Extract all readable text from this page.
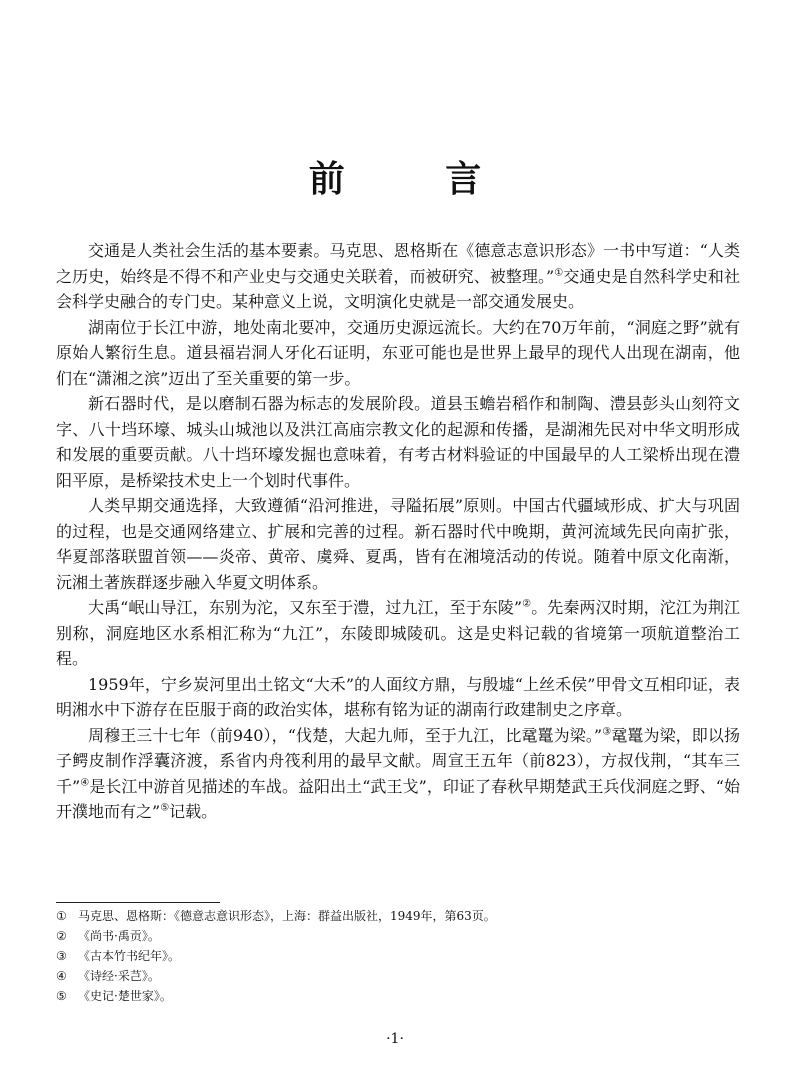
前 言

交通是人类社会生活的基本要素。马克思、恩格斯在《德意志意识形态》一书中写道：“人类之历史，始终是不得不和产业史与交通史关联着，而被研究、被整理。”①交通史是自然科学史和社会科学史融合的专门史。某种意义上说，文明演化史就是一部交通发展史。

湖南位于长江中游，地处南北要冲，交通历史源远流长。大约在70万年前，“洞庭之野”就有原始人繁衍生息。道县福岩洞人牙化石证明，东亚可能也是世界上最早的现代人出现在湖南，他们在“潇湘之滨”迈出了至关重要的第一步。

新石器时代，是以磨制石器为标志的发展阶段。道县玉蟾岩稻作和制陶、澧县彭头山刻符文字、八十垱环壕、城头山城池以及洪江高庙宗教文化的起源和传播，是湖湘先民对中华文明形成和发展的重要贡献。八十垱环壕发掘也意味着，有考古材料验证的中国最早的人工梁桥出现在澧阳平原，是桥梁技术史上一个划时代事件。

人类早期交通选择，大致遵循“沿河推进，寻隘拓展”原则。中国古代疆域形成、扩大与巩固的过程，也是交通网络建立、扩展和完善的过程。新石器时代中晚期，黄河流域先民向南扩张，华夏部落联盟首领——炎帝、黄帝、虞舜、夏禹，皆有在湘境活动的传说。随着中原文化南渐，沅湘土著族群逐步融入华夏文明体系。

大禹“岷山导江，东别为沱，又东至于澧，过九江，至于东陵”②。先秦两汉时期，沱江为荆江别称，洞庭地区水系相汇称为“九江”，东陵即城陵矶。这是史料记载的省境第一项航道整治工程。

1959年，宁乡炭河里出土铭文“大禾”的人面纹方鼎，与殷墟“上丝禾侯”甲骨文互相印证，表明湘水中下游存在臣服于商的政治实体，堪称有铭为证的湖南行政建制史之序章。

周穆王三十七年（前940），“伐楚，大起九师，至于九江，比鼋鼍为梁。”③鼋鼍为梁，即以扬子鳄皮制作浮囊济渡，系省内舟筏利用的最早文献。周宣王五年（前823），方叔伐荆，“其车三千”④是长江中游首见描述的车战。益阳出土“武王戈”，印证了春秋早期楚武王兵伐洞庭之野、“始开濮地而有之”⑤记载。

① 马克思、恩格斯：《德意志意识形态》，上海：群益出版社，1949年，第63页。
② 《尚书·禹贡》。
③ 《古本竹书纪年》。
④ 《诗经·采芑》。
⑤ 《史记·楚世家》。
·1·
